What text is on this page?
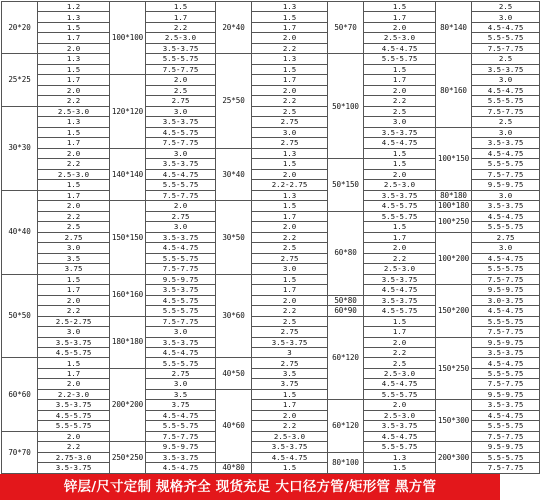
20*20	1.2	100*100	1.5	20*40	1.3	50*70	1.5	80*140	2.5
	1.3		1.7		1.5		1.7		3.0
	1.5		2.2		1.7		2.0		4.5-4.75
	1.7		2.5-3.0		2.0		2.5-3.0		5.5-5.75
	2.0		3.5-3.75		2.2		4.5-4.75		7.5-7.75
25*25	1.3		5.5-5.75	25*50	1.3	50*100	5.5-5.75	80*160	2.5
	1.5		7.5-7.75		1.5		1.5		3.5-3.75
	1.7	120*120	2.0		1.7		1.7		3.0
	2.0		2.5		2.0		2.0		4.5-4.75
	2.2		2.75		2.2		2.2		5.5-5.75
30*30	2.5-3.0		3.0		2.5		2.5		7.5-7.75
	1.3		3.5-3.75		2.75		3.0		2.5
	1.5		4.5-5.75		3.0		3.5-3.75	100*150	3.0
	1.7		7.5-7.75		2.75		4.5-4.75		3.5-3.75
	2.0	140*140	3.0	30*40	1.3		1.5		4.5-4.75
	2.2		3.5-3.75		1.5	50*150	1.5		5.5-5.75
	2.5-3.0		4.5-4.75		2.0		2.0		7.5-7.75
	1.5		5.5-5.75		2.2-2.75		2.5-3.0		9.5-9.75
40*40	1.7		7.5-7.75		1.3		3.5-3.75	80*180	3.0
	2.0	150*150	2.0	30*50	1.5		4.5-5.75	100*180	3.5-3.75
	2.2		2.75		1.7	60*80	5.5-5.75	100*250	4.5-4.75
	2.5		3.0		2.0		1.5		5.5-5.75
	2.75		3.5-3.75		2.2		1.7	100*200	2.75
	3.0		4.5-4.75		2.5		2.0		3.0
	3.5		5.5-5.75		2.75		2.2		4.5-4.75
	3.75		7.5-7.75		3.0		2.5-3.0		5.5-5.75
50*50	1.5	160*160	9.5-9.75	30*60	1.5		3.5-3.75		7.5-7.75
	1.7		3.5-3.75		1.7		4.5-4.75	150*200	9.5-9.75
	2.0		4.5-5.75		2.0	50*80	3.5-3.75		3.0-3.75
	2.2		5.5-5.75		2.2	60*90	4.5-5.75		4.5-4.75
	2.5-2.75	180*180	7.5-7.75		2.5	60*120	1.5		5.5-5.75
	3.0		3.0		2.75		1.7		7.5-7.75
	3.5-3.75		3.5-3.75		3.5-3.75		2.0	150*250	9.5-9.75
	4.5-5.75		4.5-4.75		3		2.2		3.5-3.75
60*60	1.5		5.5-5.75	40*50	2.75		2.5		4.5-4.75
	1.7	200*200	2.75		3.5		2.5-3.0		5.5-5.75
	2.0		3.0		3.75		4.5-4.75		7.5-7.75
	2.2-3.0		3.5	40*60	1.5		5.5-5.75		9.5-9.75
	3.5-3.75		3.75		1.7	60*120	2.0	150*300	3.5-3.75
	4.5-5.75		4.5-4.75		2.0		2.5-3.0		4.5-4.75
	5.5-5.75		5.5-5.75		2.2		3.5-3.75		5.5-5.75
70*70	2.0		7.5-7.75		2.5-3.0		4.5-4.75		7.5-7.75
	2.2	250*250	9.5-9.75		3.5-3.75		5.5-5.75	200*300	9.5-9.75
	2.75-3.0		3.5-3.75		4.5-4.75	80*100	1.3		5.5-5.75
	3.5-3.75		4.5-4.75	40*80	1.5		1.5		7.5-7.75
锌层/尺寸定制 规格齐全 现货充足 大口径方管/矩形管 黑方管
